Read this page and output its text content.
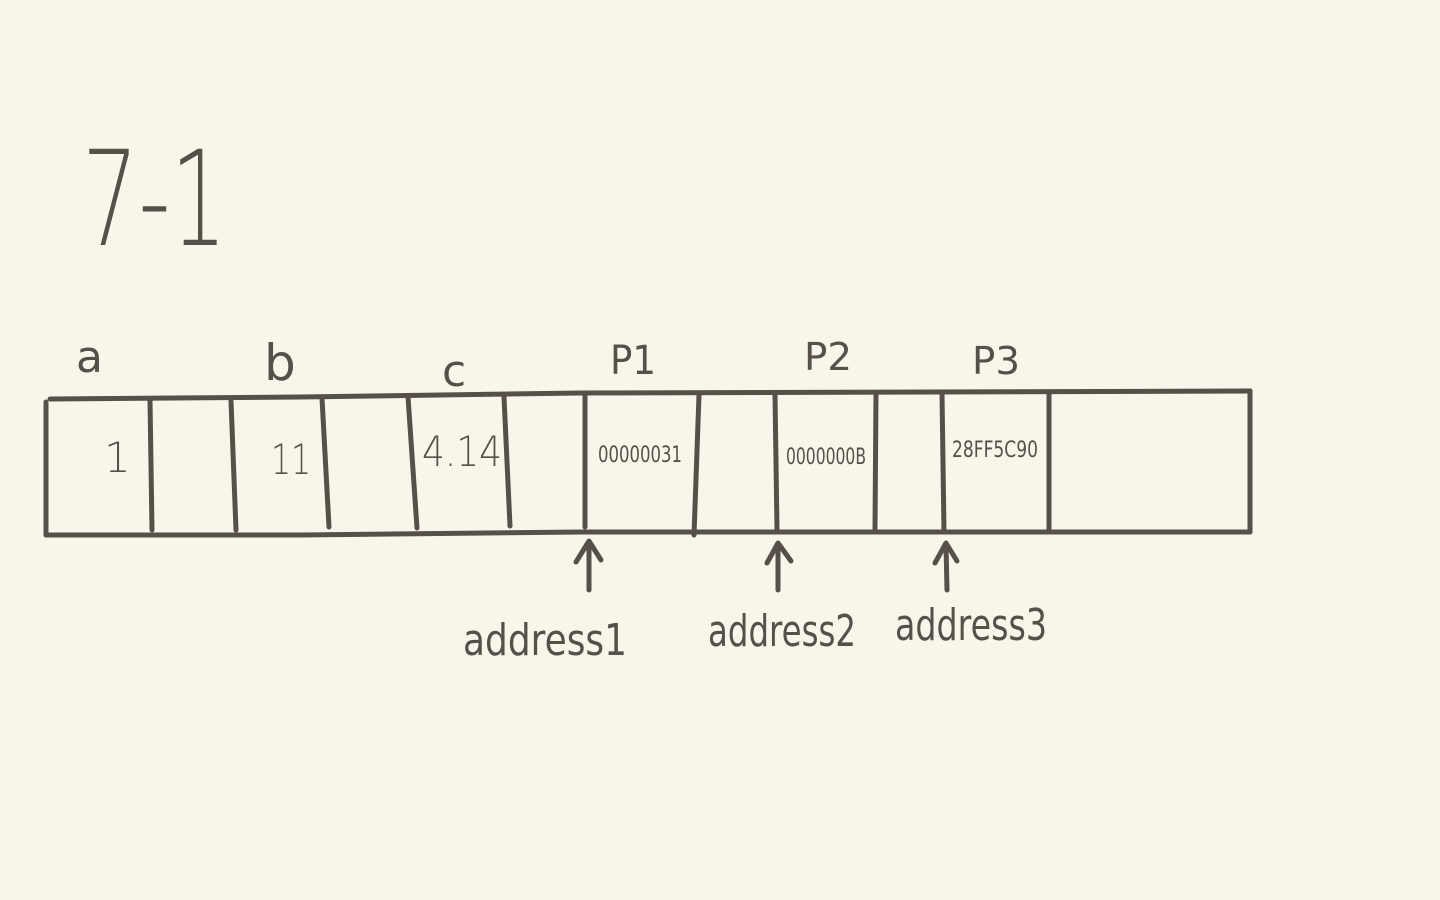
7-1
a	b	c	P1	P2	P3
1	11	4.14	00000031	0000000B	28FF5C90
address1 address2 address3
